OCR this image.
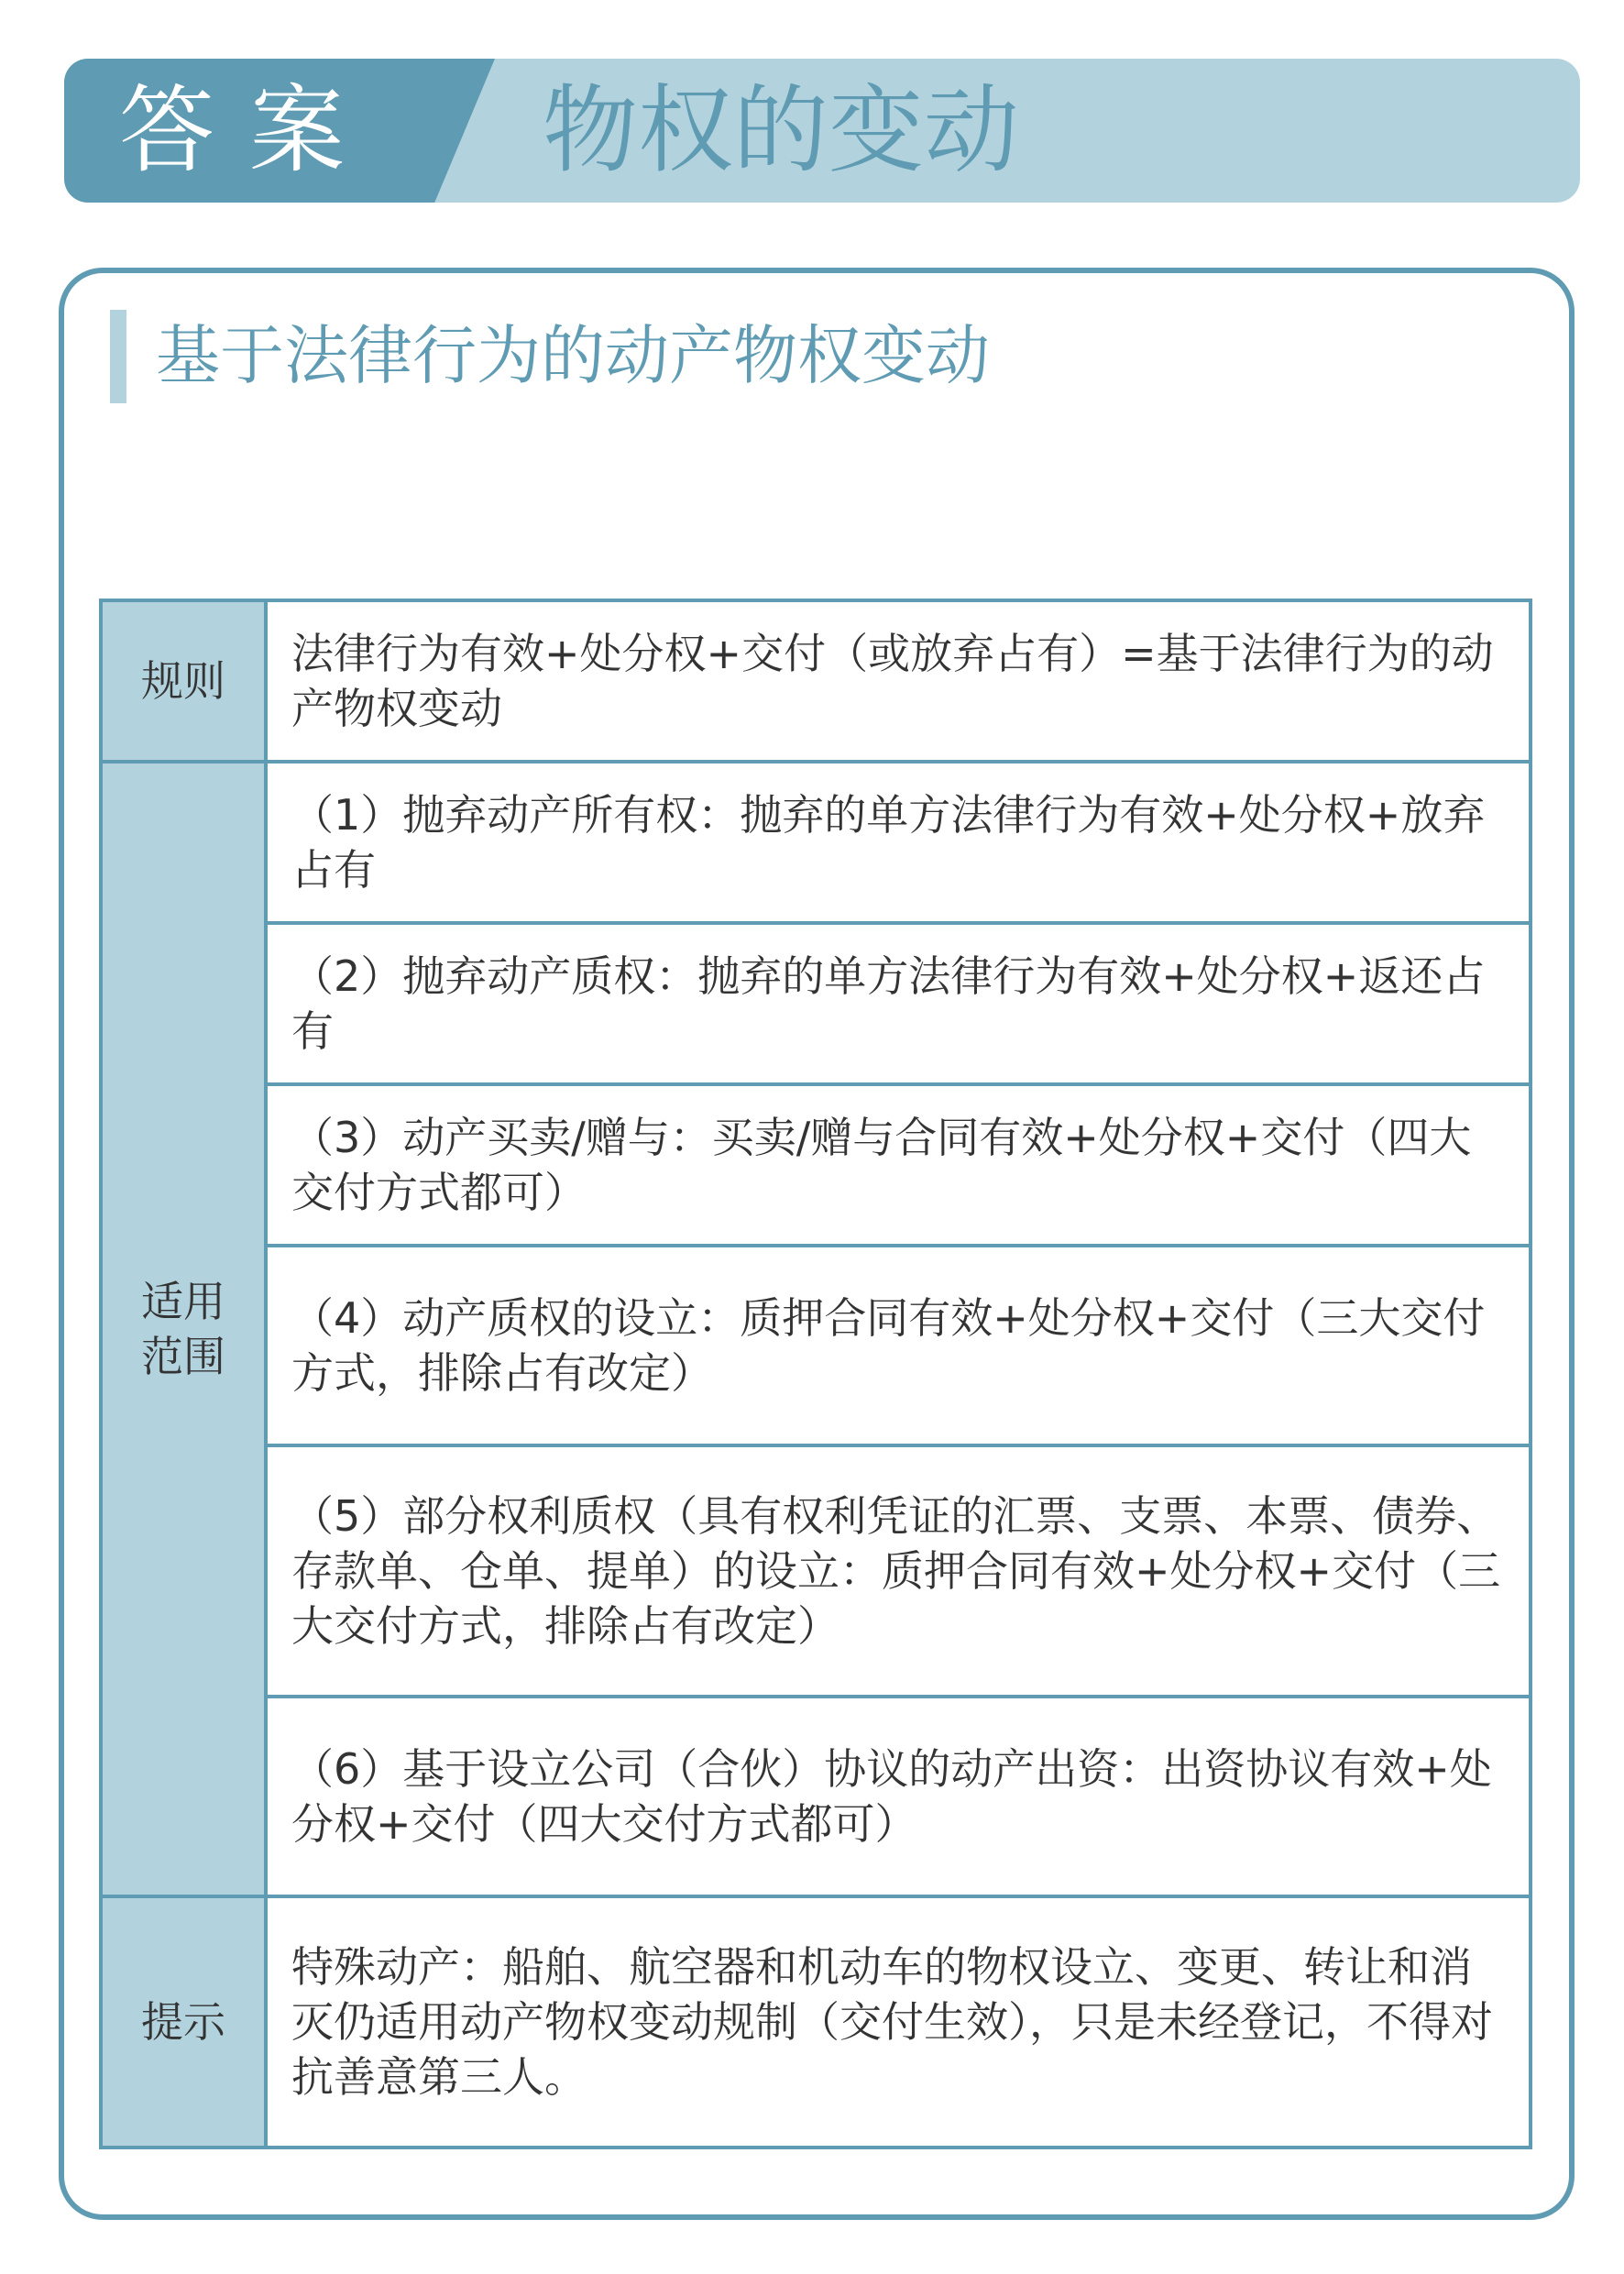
答案 物权的变动
基于法律行为的动产物权变动
规则	法律行为有效+处分权+交付（或放弃占有）=基于法律行为的动产物权变动

适用
范围	（1）抛弃动产所有权：抛弃的单方法律行为有效+处分权+放弃占有
	（2）抛弃动产质权：抛弃的单方法律行为有效+处分权+返还占有
	（3）动产买卖/赠与：买卖/赠与合同有效+处分权+交付（四大交付方式都可）
	（4）动产质权的设立：质押合同有效+处分权+交付（三大交付方式，排除占有改定）
	（5）部分权利质权（具有权利凭证的汇票、支票、本票、债券、存款单、仓单、提单）的设立：质押合同有效+处分权+交付（三大交付方式，排除占有改定）
	（6）基于设立公司（合伙）协议的动产出资：出资协议有效+处分权+交付（四大交付方式都可）
提示	特殊动产：船舶、航空器和机动车的物权设立、变更、转让和消灭仍适用动产物权变动规制（交付生效），只是未经登记，不得对抗善意第三人。
